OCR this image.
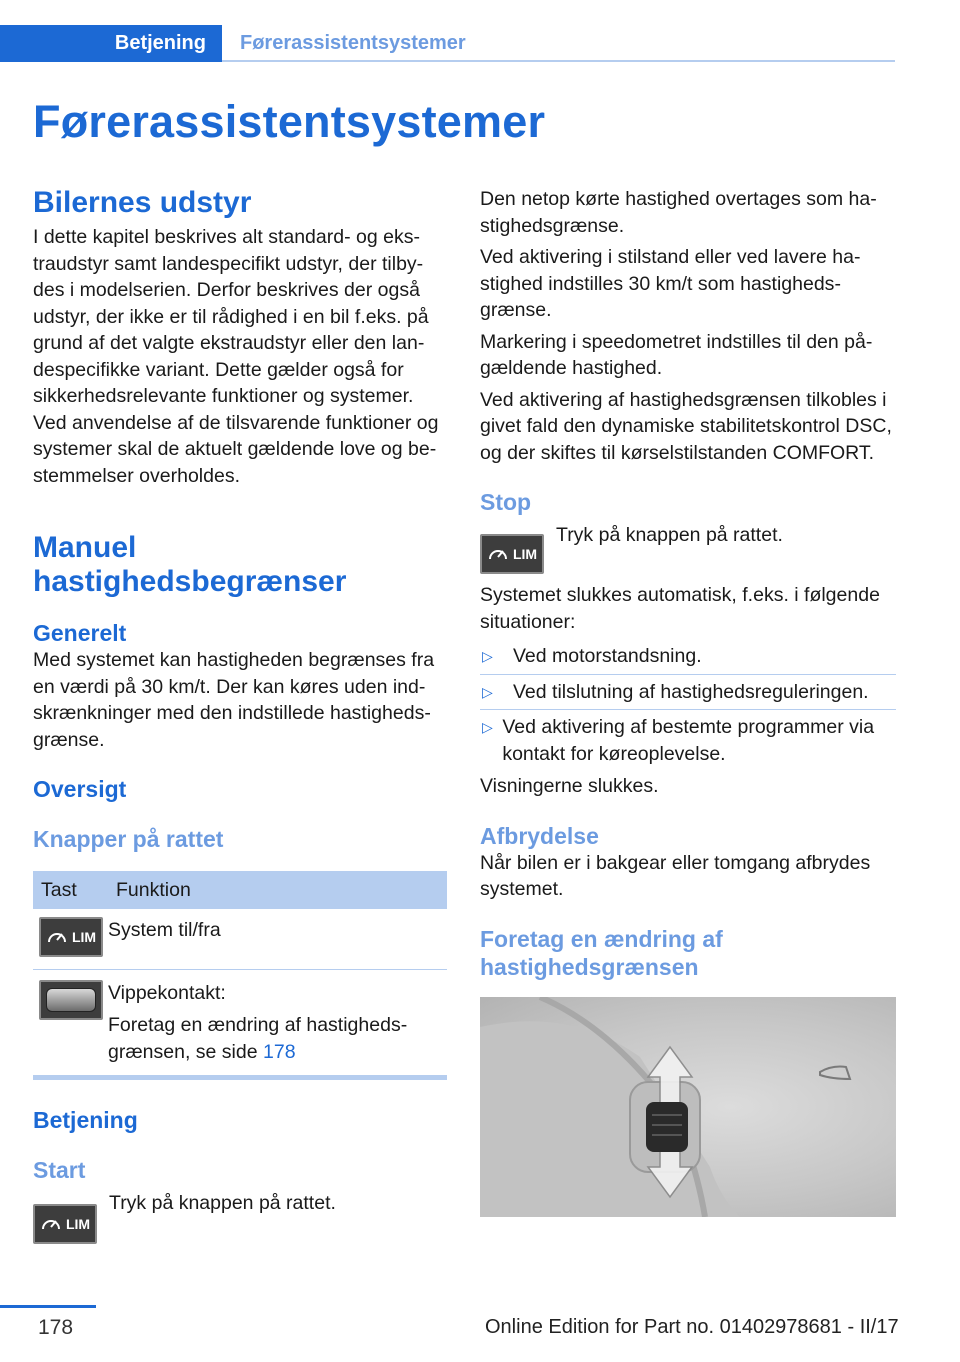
Betjening	Førerassistentsystemer
Førerassistentsystemer
Bilernes udstyr

I dette kapitel beskrives alt standard- og ekstraudstyr samt landespecifikt udstyr, der tilbydes i modelserien. Derfor beskrives der også udstyr, der ikke er til rådighed i en bil f.eks. på grund af det valgte ekstraudstyr eller den landespecifikke variant. Dette gælder også for sikkerhedsrelevante funktioner og systemer. Ved anvendelse af de tilsvarende funktioner og systemer skal de aktuelt gældende love og bestemmelser overholdes.

Manuel hastighedsbegrænser
Generelt

Med systemet kan hastigheden begrænses fra en værdi på 30 km/t. Der kan køres uden indskrænkninger med den indstillede hastighedsgrænse.

Oversigt
Knapper på rattet
Tast	Funktion

LIM	System til/fra

	Vippekontakt:
Foretag en ændring af hastighedsgrænsen, se side 178
Betjening
Start
LIM

Tryk på knappen på rattet.

Den netop kørte hastighed overtages som hastighedsgrænse.

Ved aktivering i stilstand eller ved lavere hastighed indstilles 30 km/t som hastighedsgrænse.

Markering i speedometret indstilles til den pågældende hastighed.

Ved aktivering af hastighedsgrænsen tilkobles i givet fald den dynamiske stabilitetskontrol DSC, og der skiftes til kørselstilstanden COMFORT.

Stop
LIM

Tryk på knappen på rattet.

Systemet slukkes automatisk, f.eks. i følgende situationer:

▷	Ved motorstandsning.
▷	Ved tilslutning af hastighedsreguleringen.
▷ Ved aktivering af bestemte programmer via kontakt for køreoplevelse.

Visningerne slukkes.

Afbrydelse

Når bilen er i bakgear eller tomgang afbrydes systemet.

Foretag en ændring af hastighedsgrænsen
178	Online Edition for Part no. 01402978681 - II/17
